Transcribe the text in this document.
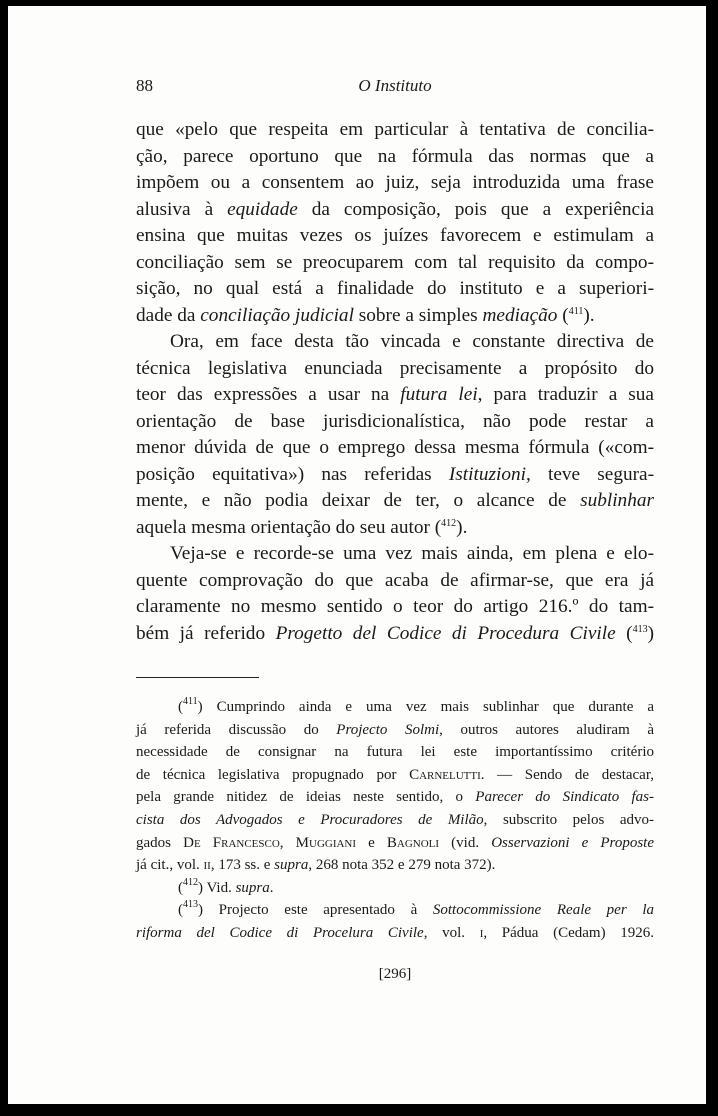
88	O Instituto

que «pelo que respeita em particular à tentativa de concilia-
ção, parece oportuno que na fórmula das normas que a
impõem ou a consentem ao juiz, seja introduzida uma frase
alusiva à equidade da composição, pois que a experiência
ensina que muitas vezes os juízes favorecem e estimulam a
conciliação sem se preocuparem com tal requisito da compo-
sição, no qual está a finalidade do instituto e a superiori-
dade da conciliação judicial sobre a simples mediação ($^{411}$).

Ora, em face desta tão vincada e constante directiva de
técnica legislativa enunciada precisamente a propósito do
teor das expressões a usar na futura lei, para traduzir a sua
orientação de base jurisdicionalística, não pode restar a
menor dúvida de que o emprego dessa mesma fórmula («com-
posição equitativa») nas referidas Istituzioni, teve segura-
mente, e não podia deixar de ter, o alcance de sublinhar
aquela mesma orientação do seu autor ($^{412}$).

Veja-se e recorde-se uma vez mais ainda, em plena e elo-
quente comprovação do que acaba de afirmar-se, que era já
claramente no mesmo sentido o teor do artigo 216.º do tam-
bém já referido Progetto del Codice di Procedura Civile ($^{413}$)

($^{411}$) Cumprindo ainda e uma vez mais sublinhar que durante a
já referida discussão do Projecto Solmi, outros autores aludiram à
necessidade de consignar na futura lei este importantíssimo critério
de técnica legislativa propugnado por Carnelutti. — Sendo de destacar,
pela grande nitidez de ideias neste sentido, o Parecer do Sindicato fas-
cista dos Advogados e Procuradores de Milão, subscrito pelos advo-
gados De Francesco, Muggiani e Bagnoli (vid. Osservazioni e Proposte
já cit., vol. ii, 173 ss. e supra, 268 nota 352 e 279 nota 372).
($^{412}$) Vid. supra.
($^{413}$) Projecto este apresentado à Sottocommissione Reale per la
riforma del Codice di Procelura Civile, vol. i, Pádua (Cedam) 1926.
[296]
